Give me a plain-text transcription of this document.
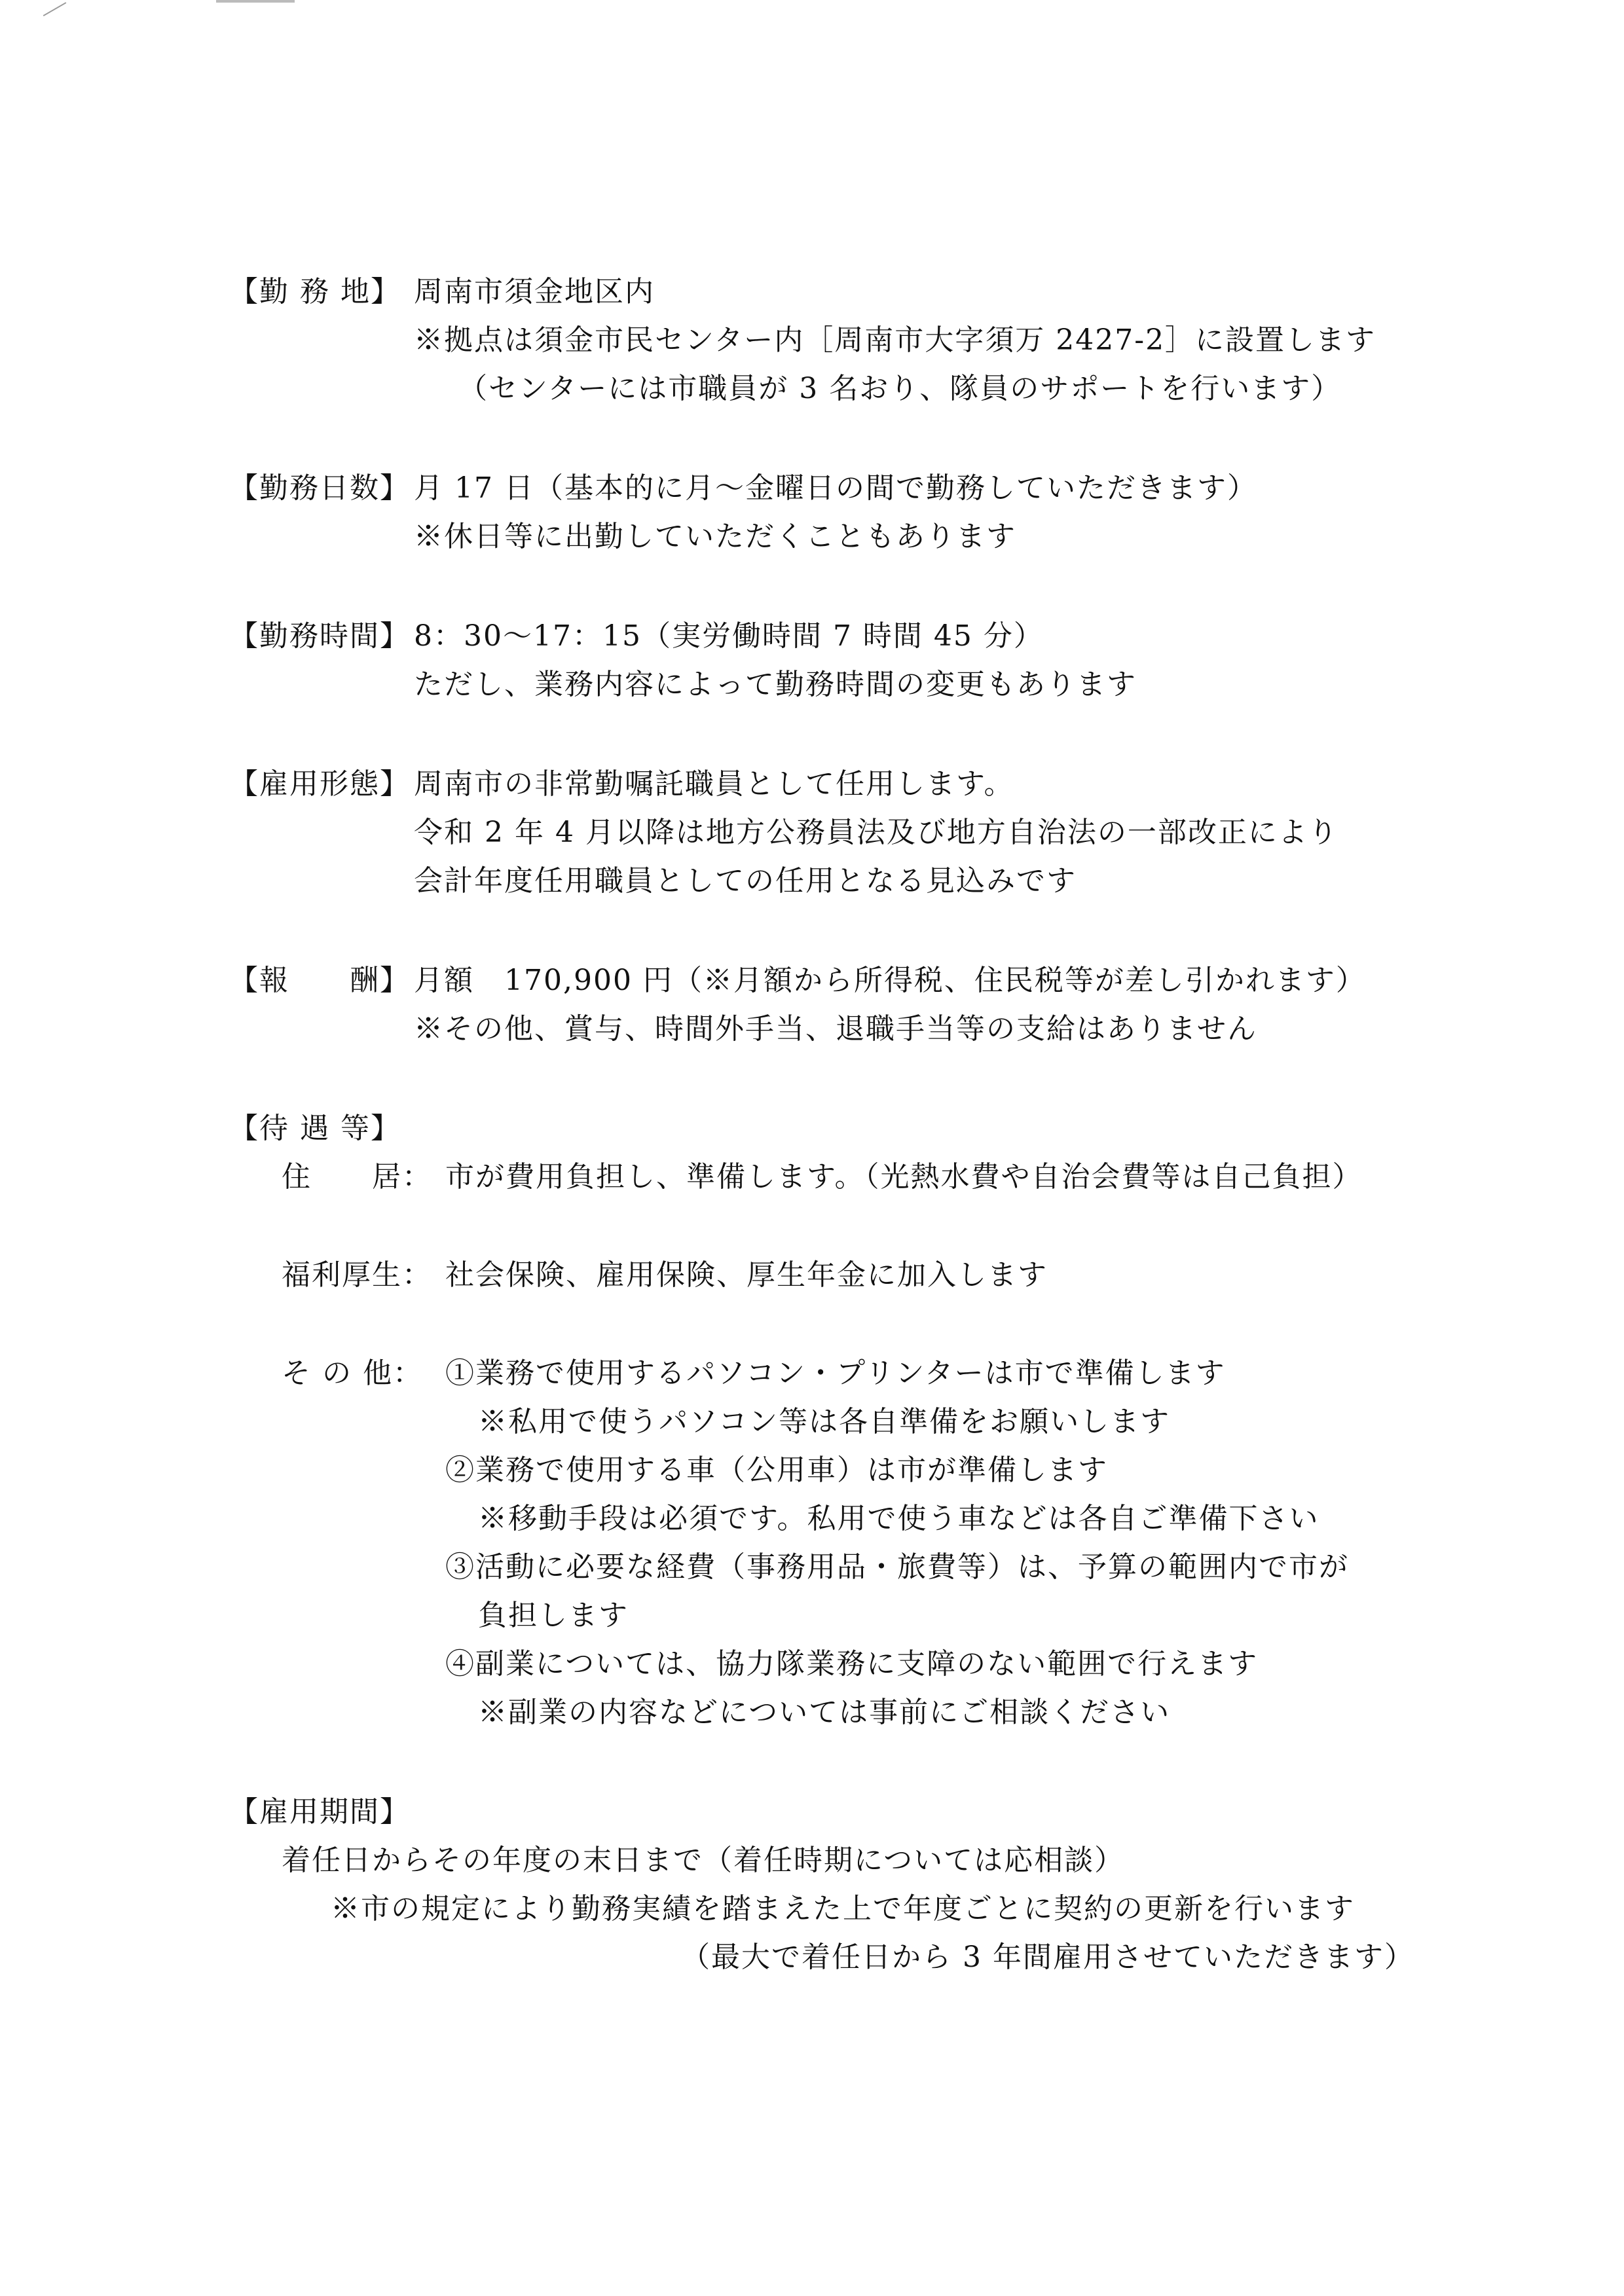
【勤 務 地】 周南市須金地区内
※拠点は須金市民センター内［周南市大字須万 2427-2］に設置します
（センターには市職員が 3 名おり、隊員のサポートを行います）
【勤務日数】 月 17 日（基本的に月～金曜日の間で勤務していただきます）
※休日等に出勤していただくこともあります
【勤務時間】 8：30～17：15（実労働時間 7 時間 45 分）
ただし、業務内容によって勤務時間の変更もあります
【雇用形態】 周南市の非常勤嘱託職員として任用します。
令和 2 年 4 月以降は地方公務員法及び地方自治法の一部改正により
会計年度任用職員としての任用となる見込みです
【報　　酬】 月額　170,900 円（※月額から所得税、住民税等が差し引かれます）
※その他、賞与、時間外手当、退職手当等の支給はありません
【待 遇 等】
住　　居： 市が費用負担し、準備します。（光熱水費や自治会費等は自己負担）
福利厚生： 社会保険、雇用保険、厚生年金に加入します
そ の 他： ①業務で使用するパソコン・プリンターは市で準備します
※私用で使うパソコン等は各自準備をお願いします
②業務で使用する車（公用車）は市が準備します
※移動手段は必須です。私用で使う車などは各自ご準備下さい
③活動に必要な経費（事務用品・旅費等）は、予算の範囲内で市が
負担します
④副業については、協力隊業務に支障のない範囲で行えます
※副業の内容などについては事前にご相談ください
【雇用期間】
着任日からその年度の末日まで（着任時期については応相談）
※市の規定により勤務実績を踏まえた上で年度ごとに契約の更新を行います
（最大で着任日から 3 年間雇用させていただきます）
